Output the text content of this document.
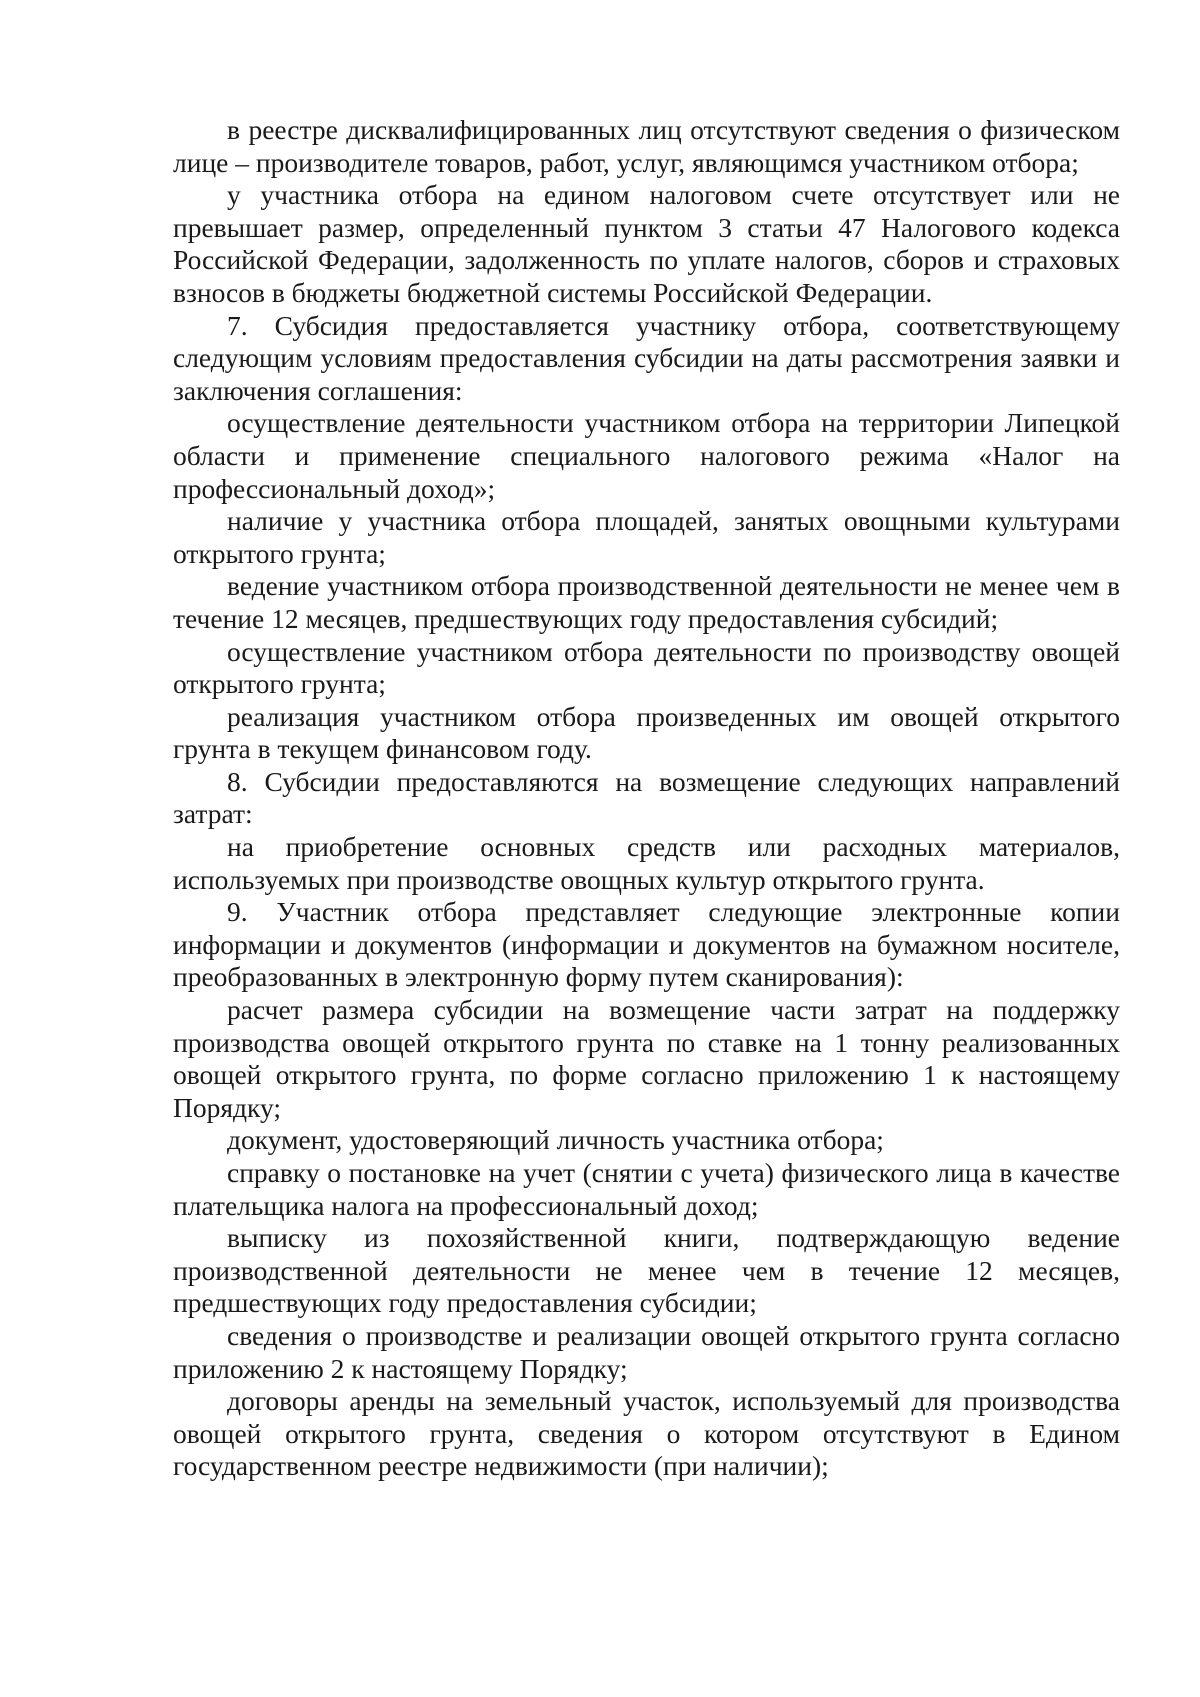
в реестре дисквалифицированных лиц отсутствуют сведения о физическом лице – производителе товаров, работ, услуг, являющимся участником отбора;

у участника отбора на едином налоговом счете отсутствует или не превышает размер, определенный пунктом 3 статьи 47 Налогового кодекса Российской Федерации, задолженность по уплате налогов, сборов и страховых взносов в бюджеты бюджетной системы Российской Федерации.

7. Субсидия предоставляется участнику отбора, соответствующему следующим условиям предоставления субсидии на даты рассмотрения заявки и заключения соглашения:

осуществление деятельности участником отбора на территории Липецкой области и применение специального налогового режима «Налог на профессиональный доход»;

наличие у участника отбора площадей, занятых овощными культурами открытого грунта;

ведение участником отбора производственной деятельности не менее чем в течение 12 месяцев, предшествующих году предоставления субсидий;

осуществление участником отбора деятельности по производству овощей открытого грунта;

реализация участником отбора произведенных им овощей открытого грунта в текущем финансовом году.

8. Субсидии предоставляются на возмещение следующих направлений затрат:

на приобретение основных средств или расходных материалов, используемых при производстве овощных культур открытого грунта.

9. Участник отбора представляет следующие электронные копии информации и документов (информации и документов на бумажном носителе, преобразованных в электронную форму путем сканирования):

расчет размера субсидии на возмещение части затрат на поддержку производства овощей открытого грунта по ставке на 1 тонну реализованных овощей открытого грунта, по форме согласно приложению 1 к настоящему Порядку;

документ, удостоверяющий личность участника отбора;

справку о постановке на учет (снятии с учета) физического лица в качестве плательщика налога на профессиональный доход;

выписку из похозяйственной книги, подтверждающую ведение производственной деятельности не менее чем в течение 12 месяцев, предшествующих году предоставления субсидии;

сведения о производстве и реализации овощей открытого грунта согласно приложению 2 к настоящему Порядку;

договоры аренды на земельный участок, используемый для производства овощей открытого грунта, сведения о котором отсутствуют в Едином государственном реестре недвижимости (при наличии);
